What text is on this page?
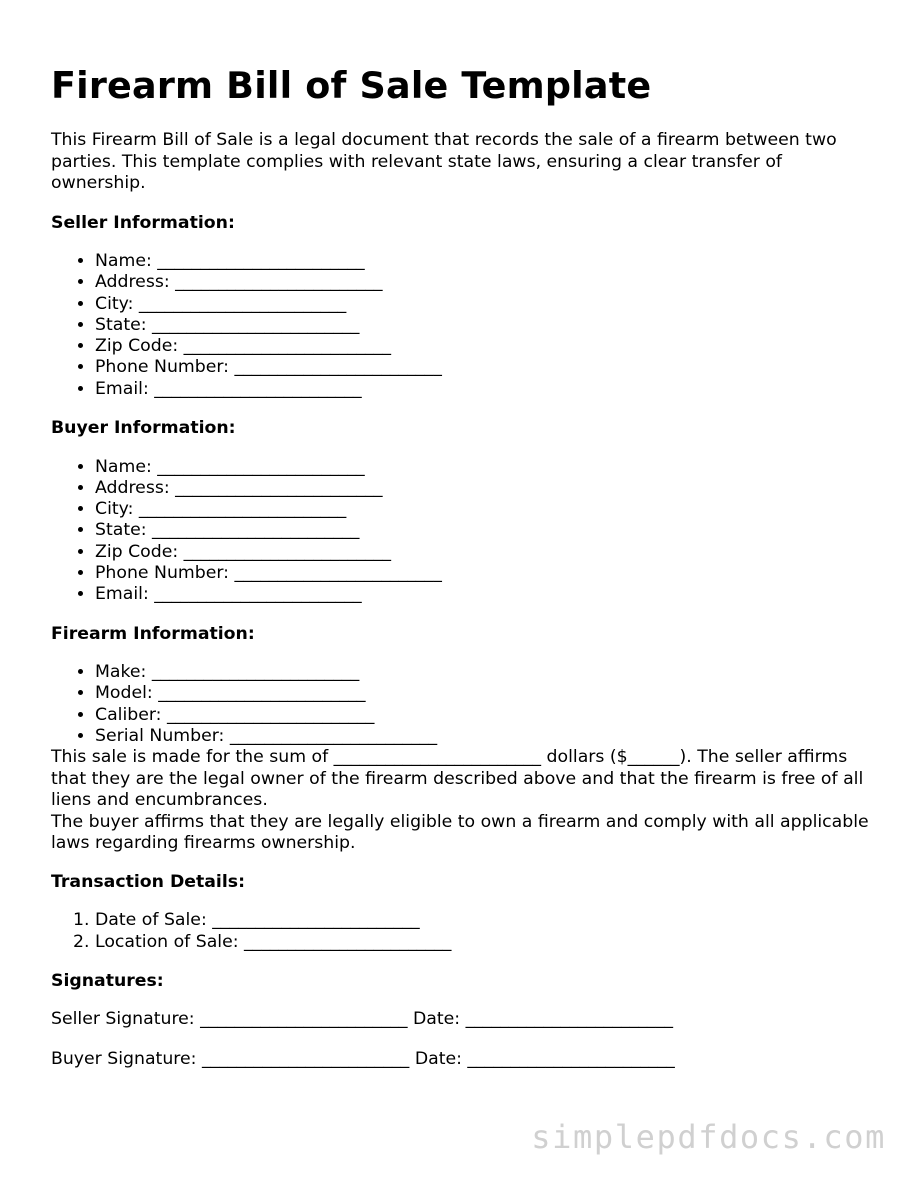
Firearm Bill of Sale Template

This Firearm Bill of Sale is a legal document that records the sale of a firearm between two parties. This template complies with relevant state laws, ensuring a clear transfer of ownership.

Seller Information:

• Name: ________________________
• Address: ________________________
• City: ________________________
• State: ________________________
• Zip Code: ________________________
• Phone Number: ________________________
• Email: ________________________

Buyer Information:

• Name: ________________________
• Address: ________________________
• City: ________________________
• State: ________________________
• Zip Code: ________________________
• Phone Number: ________________________
• Email: ________________________

Firearm Information:

• Make: ________________________
• Model: ________________________
• Caliber: ________________________
• Serial Number: ________________________

This sale is made for the sum of ________________________ dollars ($______). The seller affirms that they are the legal owner of the firearm described above and that the firearm is free of all liens and encumbrances.

The buyer affirms that they are legally eligible to own a firearm and comply with all applicable laws regarding firearms ownership.

Transaction Details:

1. Date of Sale: ________________________
2. Location of Sale: ________________________

Signatures:

Seller Signature: ________________________ Date: ________________________

Buyer Signature: ________________________ Date: ________________________

simplepdfdocs.com
